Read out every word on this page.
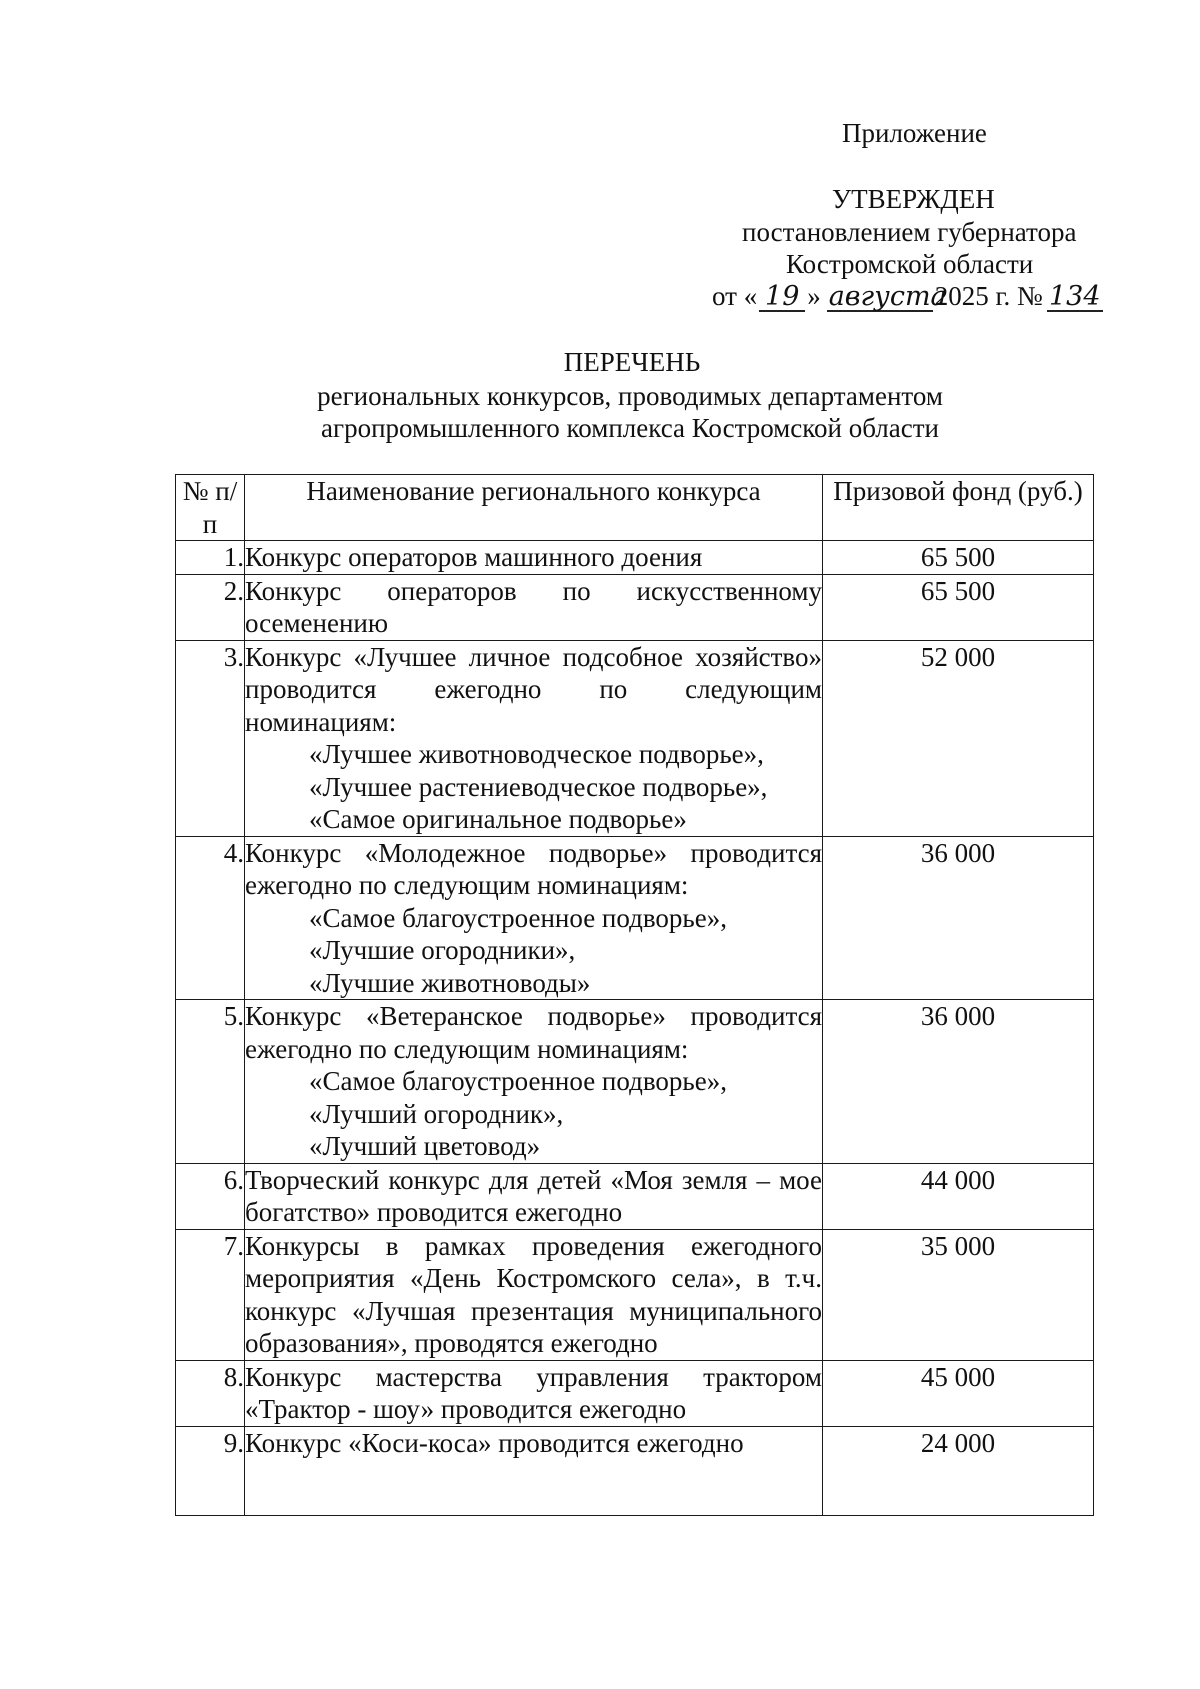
Приложение
УТВЕРЖДЕН
постановлением губернатора
Костромской области
от « 19 » августа
2025 г. № 134
ПЕРЕЧЕНЬ
региональных конкурсов, проводимых департаментом
агропромышленного комплекса Костромской области
№ п/п	Наименование регионального конкурса	Призовой фонд (руб.)
1.	Конкурс операторов машинного доения	65 500
2.	Конкурс операторов по искусственному осеменению	65 500
3.	Конкурс «Лучшее личное подсобное хозяйство» проводится ежегодно по следующим номинациям:
«Лучшее животноводческое подворье»,
«Лучшее растениеводческое подворье»,
«Самое оригинальное подворье»	52 000
4.	Конкурс «Молодежное подворье» проводится ежегодно по следующим номинациям:
«Самое благоустроенное подворье»,
«Лучшие огородники»,
«Лучшие животноводы»	36 000
5.	Конкурс «Ветеранское подворье» проводится ежегодно по следующим номинациям:
«Самое благоустроенное подворье»,
«Лучший огородник»,
«Лучший цветовод»	36 000
6.	Творческий конкурс для детей «Моя земля – мое богатство» проводится ежегодно	44 000
7.	Конкурсы в рамках проведения ежегодного мероприятия «День Костромского села», в т.ч. конкурс «Лучшая презентация муниципального образования», проводятся ежегодно	35 000
8.	Конкурс мастерства управления трактором «Трактор - шоу» проводится ежегодно	45 000
9.	Конкурс «Коси-коса» проводится ежегодно	24 000
